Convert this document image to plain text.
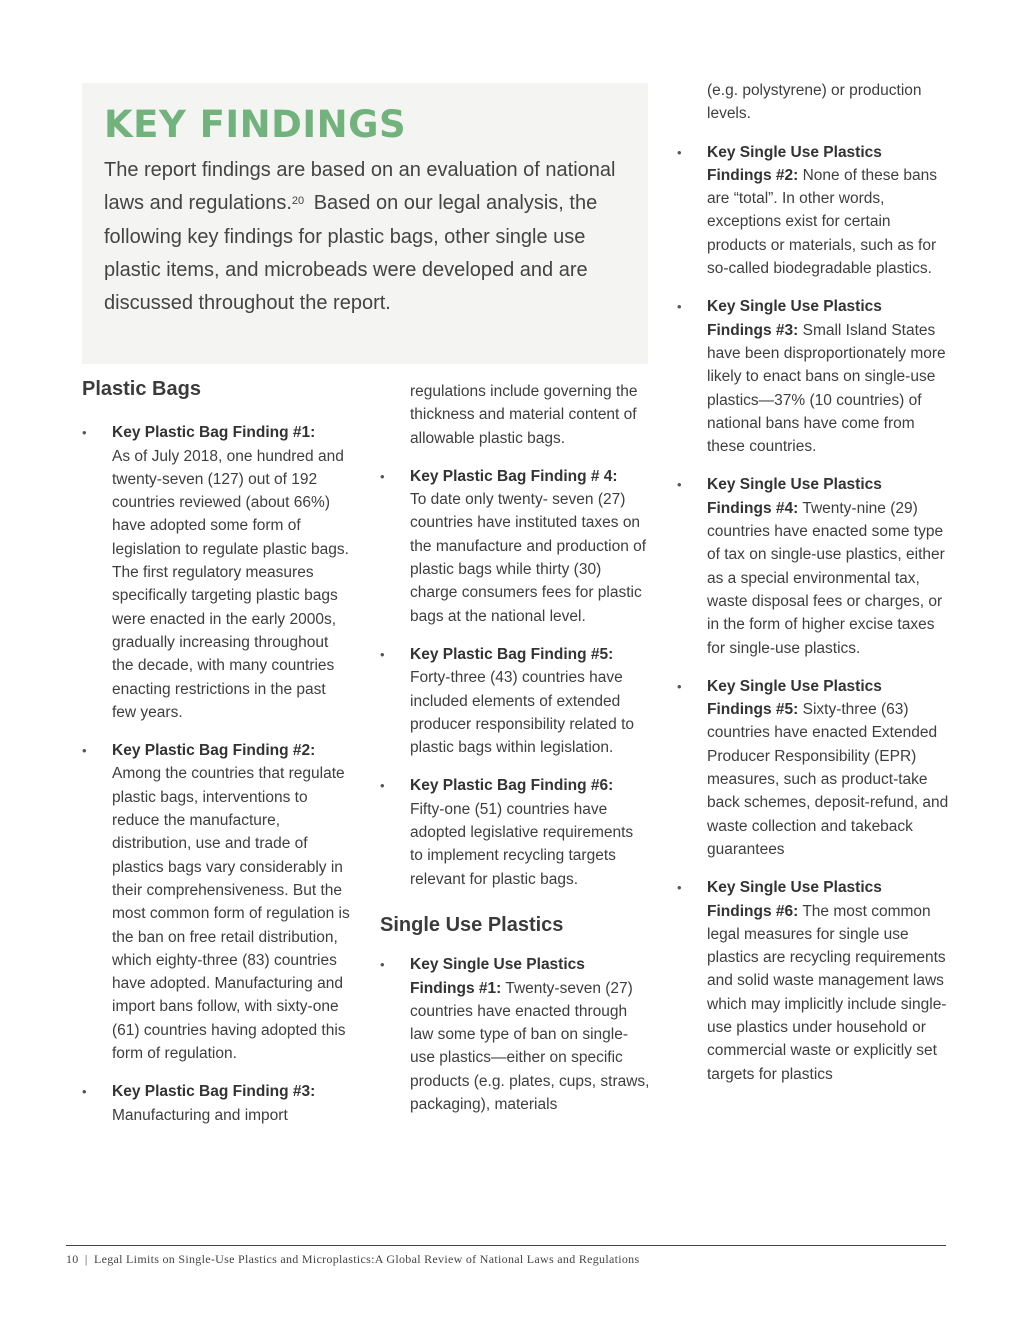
KEY FINDINGS

The report findings are based on an evaluation of national laws and regulations.$^{20}$ Based on our legal analysis, the following key findings for plastic bags, other single use plastic items, and microbeads were developed and are discussed throughout the report.

Plastic Bags
• Key Plastic Bag Finding #1:
As of July 2018, one hundred and twenty-seven (127) out of 192 countries reviewed (about 66%) have adopted some form of legislation to regulate plastic bags. The first regulatory measures specifically targeting plastic bags were enacted in the early 2000s, gradually increasing throughout the decade, with many countries enacting restrictions in the past few years.
• Key Plastic Bag Finding #2: Among the countries that regulate plastic bags, interventions to reduce the manufacture, distribution, use and trade of plastics bags vary considerably in their comprehensiveness. But the most common form of regulation is the ban on free retail distribution, which eighty-three (83) countries have adopted. Manufacturing and import bans follow, with sixty-one (61) countries having adopted this form of regulation.
• Key Plastic Bag Finding #3:
Manufacturing and import
regulations include governing the thickness and material content of allowable plastic bags.
• Key Plastic Bag Finding # 4:
To date only twenty- seven (27) countries have instituted taxes on the manufacture and production of plastic bags while thirty (30) charge consumers fees for plastic bags at the national level.
• Key Plastic Bag Finding #5:
Forty-three (43) countries have included elements of extended producer responsibility related to plastic bags within legislation.
• Key Plastic Bag Finding #6: Fifty-one (51) countries have adopted legislative requirements to implement recycling targets relevant for plastic bags.
Single Use Plastics
• Key Single Use Plastics Findings #1: Twenty-seven (27) countries have enacted through law some type of ban on single-use plastics—either on specific products (e.g. plates, cups, straws, packaging), materials
(e.g. polystyrene) or production levels.
• Key Single Use Plastics Findings #2: None of these bans are “total”. In other words, exceptions exist for certain products or materials, such as for so-called biodegradable plastics.
• Key Single Use Plastics Findings #3: Small Island States have been disproportionately more likely to enact bans on single-use plastics—37% (10 countries) of national bans have come from these countries.
• Key Single Use Plastics Findings #4: Twenty-nine (29) countries have enacted some type of tax on single-use plastics, either as a special environmental tax, waste disposal fees or charges, or in the form of higher excise taxes for single-use plastics.
• Key Single Use Plastics Findings #5: Sixty-three (63) countries have enacted Extended Producer Responsibility (EPR) measures, such as product-take back schemes, deposit-refund, and waste collection and takeback guarantees
• Key Single Use Plastics Findings #6: The most common legal measures for single use plastics are recycling requirements and solid waste management laws which may implicitly include single-use plastics under household or commercial waste or explicitly set targets for plastics
10 | Legal Limits on Single-Use Plastics and Microplastics:A Global Review of National Laws and Regulations
